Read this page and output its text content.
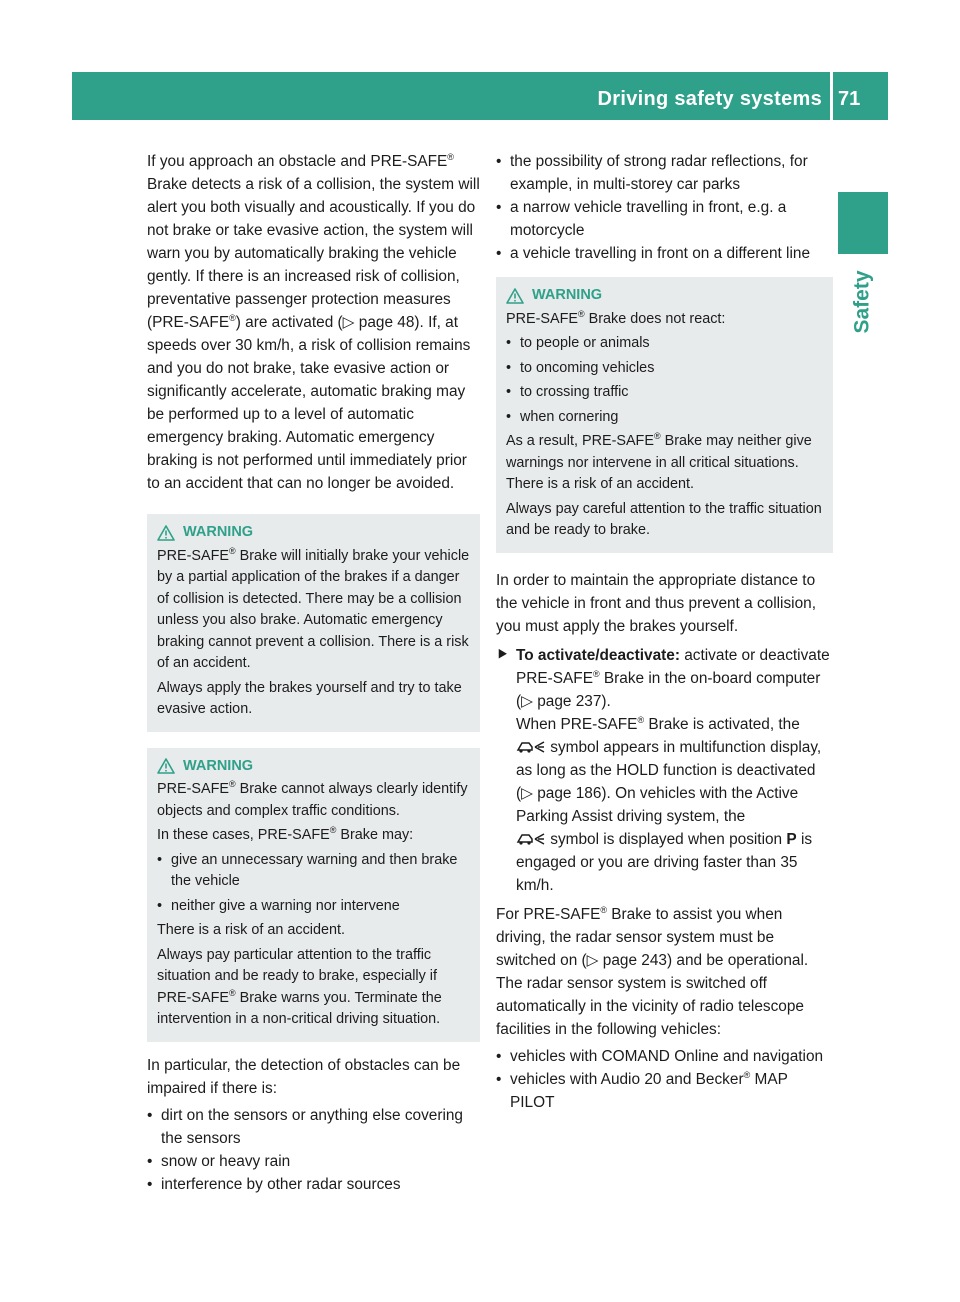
Driving safety systems 71
Safety

If you approach an obstacle and PRE-SAFE® Brake detects a risk of a collision, the system will alert you both visually and acoustically. If you do not brake or take evasive action, the system will warn you by automatically braking the vehicle gently. If there is an increased risk of collision, preventative passenger protection measures (PRE-SAFE®) are activated (▷ page 48). If, at speeds over 30 km/h, a risk of collision remains and you do not brake, take evasive action or significantly accelerate, automatic braking may be performed up to a level of automatic emergency braking. Automatic emergency braking is not performed until immediately prior to an accident that can no longer be avoided.

WARNING

PRE-SAFE® Brake will initially brake your vehicle by a partial application of the brakes if a danger of collision is detected. There may be a collision unless you also brake. Automatic emergency braking cannot prevent a collision. There is a risk of an accident.

Always apply the brakes yourself and try to take evasive action.

WARNING

PRE-SAFE® Brake cannot always clearly identify objects and complex traffic conditions.

In these cases, PRE-SAFE® Brake may:

• give an unnecessary warning and then brake the vehicle
• neither give a warning nor intervene

There is a risk of an accident.

Always pay particular attention to the traffic situation and be ready to brake, especially if PRE-SAFE® Brake warns you. Terminate the intervention in a non-critical driving situation.

In particular, the detection of obstacles can be impaired if there is:

• dirt on the sensors or anything else covering the sensors
• snow or heavy rain
• interference by other radar sources
• the possibility of strong radar reflections, for example, in multi-storey car parks
• a narrow vehicle travelling in front, e.g. a motorcycle
• a vehicle travelling in front on a different line
WARNING

PRE-SAFE® Brake does not react:

• to people or animals
• to oncoming vehicles
• to crossing traffic
• when cornering

As a result, PRE-SAFE® Brake may neither give warnings nor intervene in all critical situations. There is a risk of an accident.

Always pay careful attention to the traffic situation and be ready to brake.

In order to maintain the appropriate distance to the vehicle in front and thus prevent a collision, you must apply the brakes yourself.

⯈ To activate/deactivate: activate or deactivate PRE-SAFE® Brake in the on-board computer (▷ page 237).
When PRE-SAFE® Brake is activated, the
symbol appears in multifunction display, as long as the HOLD function is deactivated (▷ page 186). On vehicles with the Active Parking Assist driving system, the
symbol is displayed when position P is engaged or you are driving faster than 35 km/h.

For PRE-SAFE® Brake to assist you when driving, the radar sensor system must be switched on (▷ page 243) and be operational.

The radar sensor system is switched off automatically in the vicinity of radio telescope facilities in the following vehicles:

• vehicles with COMAND Online and navigation
• vehicles with Audio 20 and Becker® MAP PILOT
